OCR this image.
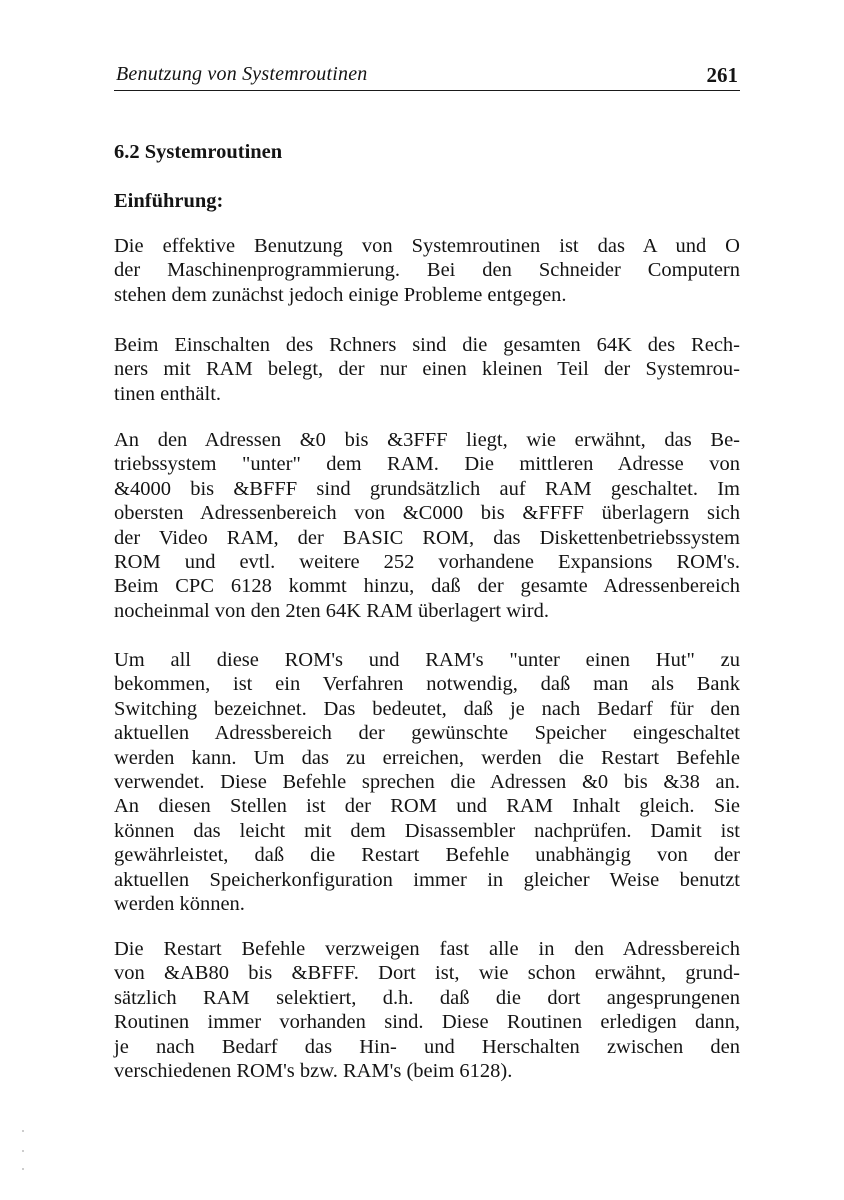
Benutzung von Systemroutinen	261
6.2 Systemroutinen
Einführung:
Die effektive Benutzung von Systemroutinen ist das A und O
der Maschinenprogrammierung. Bei den Schneider Computern
stehen dem zunächst jedoch einige Probleme entgegen.
Beim Einschalten des Rchners sind die gesamten 64K des Rech-
ners mit RAM belegt, der nur einen kleinen Teil der Systemrou-
tinen enthält.
An den Adressen &0 bis &3FFF liegt, wie erwähnt, das Be-
triebssystem "unter" dem RAM. Die mittleren Adresse von
&4000 bis &BFFF sind grundsätzlich auf RAM geschaltet. Im
obersten Adressenbereich von &C000 bis &FFFF überlagern sich
der Video RAM, der BASIC ROM, das Diskettenbetriebssystem
ROM und evtl. weitere 252 vorhandene Expansions ROM's.
Beim CPC 6128 kommt hinzu, daß der gesamte Adressenbereich
nocheinmal von den 2ten 64K RAM überlagert wird.
Um all diese ROM's und RAM's "unter einen Hut" zu
bekommen, ist ein Verfahren notwendig, daß man als Bank
Switching bezeichnet. Das bedeutet, daß je nach Bedarf für den
aktuellen Adressbereich der gewünschte Speicher eingeschaltet
werden kann. Um das zu erreichen, werden die Restart Befehle
verwendet. Diese Befehle sprechen die Adressen &0 bis &38 an.
An diesen Stellen ist der ROM und RAM Inhalt gleich. Sie
können das leicht mit dem Disassembler nachprüfen. Damit ist
gewährleistet, daß die Restart Befehle unabhängig von der
aktuellen Speicherkonfiguration immer in gleicher Weise benutzt
werden können.
Die Restart Befehle verzweigen fast alle in den Adressbereich
von &AB80 bis &BFFF. Dort ist, wie schon erwähnt, grund-
sätzlich RAM selektiert, d.h. daß die dort angesprungenen
Routinen immer vorhanden sind. Diese Routinen erledigen dann,
je nach Bedarf das Hin- und Herschalten zwischen den
verschiedenen ROM's bzw. RAM's (beim 6128).
